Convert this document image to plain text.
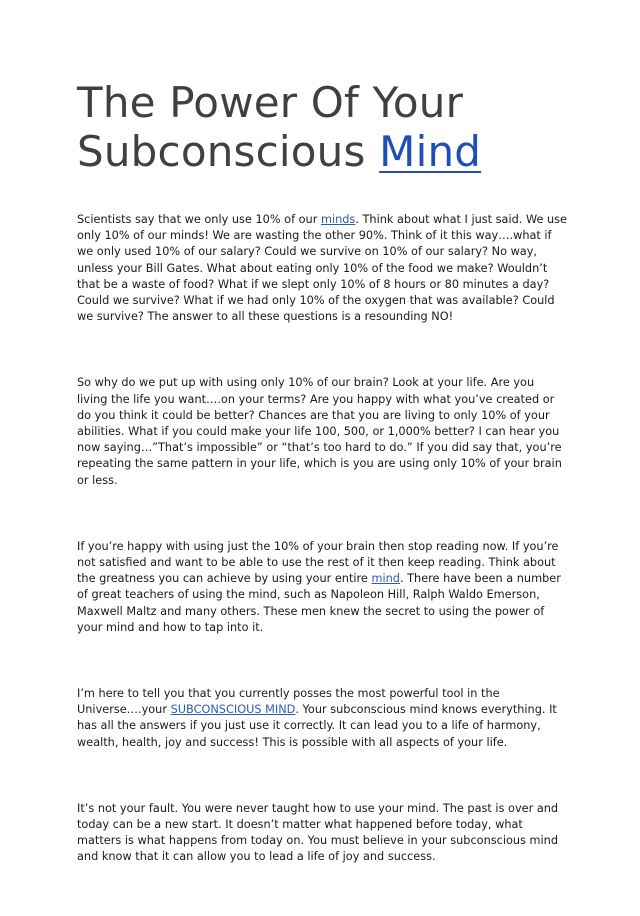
The Power Of Your Subconscious Mind

Scientists say that we only use 10% of our minds. Think about what I just said. We use only 10% of our minds! We are wasting the other 90%. Think of it this way….what if we only used 10% of our salary? Could we survive on 10% of our salary? No way, unless your Bill Gates. What about eating only 10% of the food we make? Wouldn’t that be a waste of food? What if we slept only 10% of 8 hours or 80 minutes a day? Could we survive? What if we had only 10% of the oxygen that was available? Could we survive? The answer to all these questions is a resounding NO!

So why do we put up with using only 10% of our brain? Look at your life. Are you living the life you want….on your terms? Are you happy with what you’ve created or do you think it could be better? Chances are that you are living to only 10% of your abilities. What if you could make your life 100, 500, or 1,000% better? I can hear you now saying…”That’s impossible” or “that’s too hard to do.” If you did say that, you’re repeating the same pattern in your life, which is you are using only 10% of your brain or less.

If you’re happy with using just the 10% of your brain then stop reading now. If you’re not satisfied and want to be able to use the rest of it then keep reading. Think about the greatness you can achieve by using your entire mind. There have been a number of great teachers of using the mind, such as Napoleon Hill, Ralph Waldo Emerson, Maxwell Maltz and many others. These men knew the secret to using the power of your mind and how to tap into it.

I’m here to tell you that you currently posses the most powerful tool in the Universe….your SUBCONSCIOUS MIND. Your subconscious mind knows everything. It has all the answers if you just use it correctly. It can lead you to a life of harmony, wealth, health, joy and success! This is possible with all aspects of your life.

It’s not your fault. You were never taught how to use your mind. The past is over and today can be a new start. It doesn’t matter what happened before today, what matters is what happens from today on. You must believe in your subconscious mind and know that it can allow you to lead a life of joy and success.
